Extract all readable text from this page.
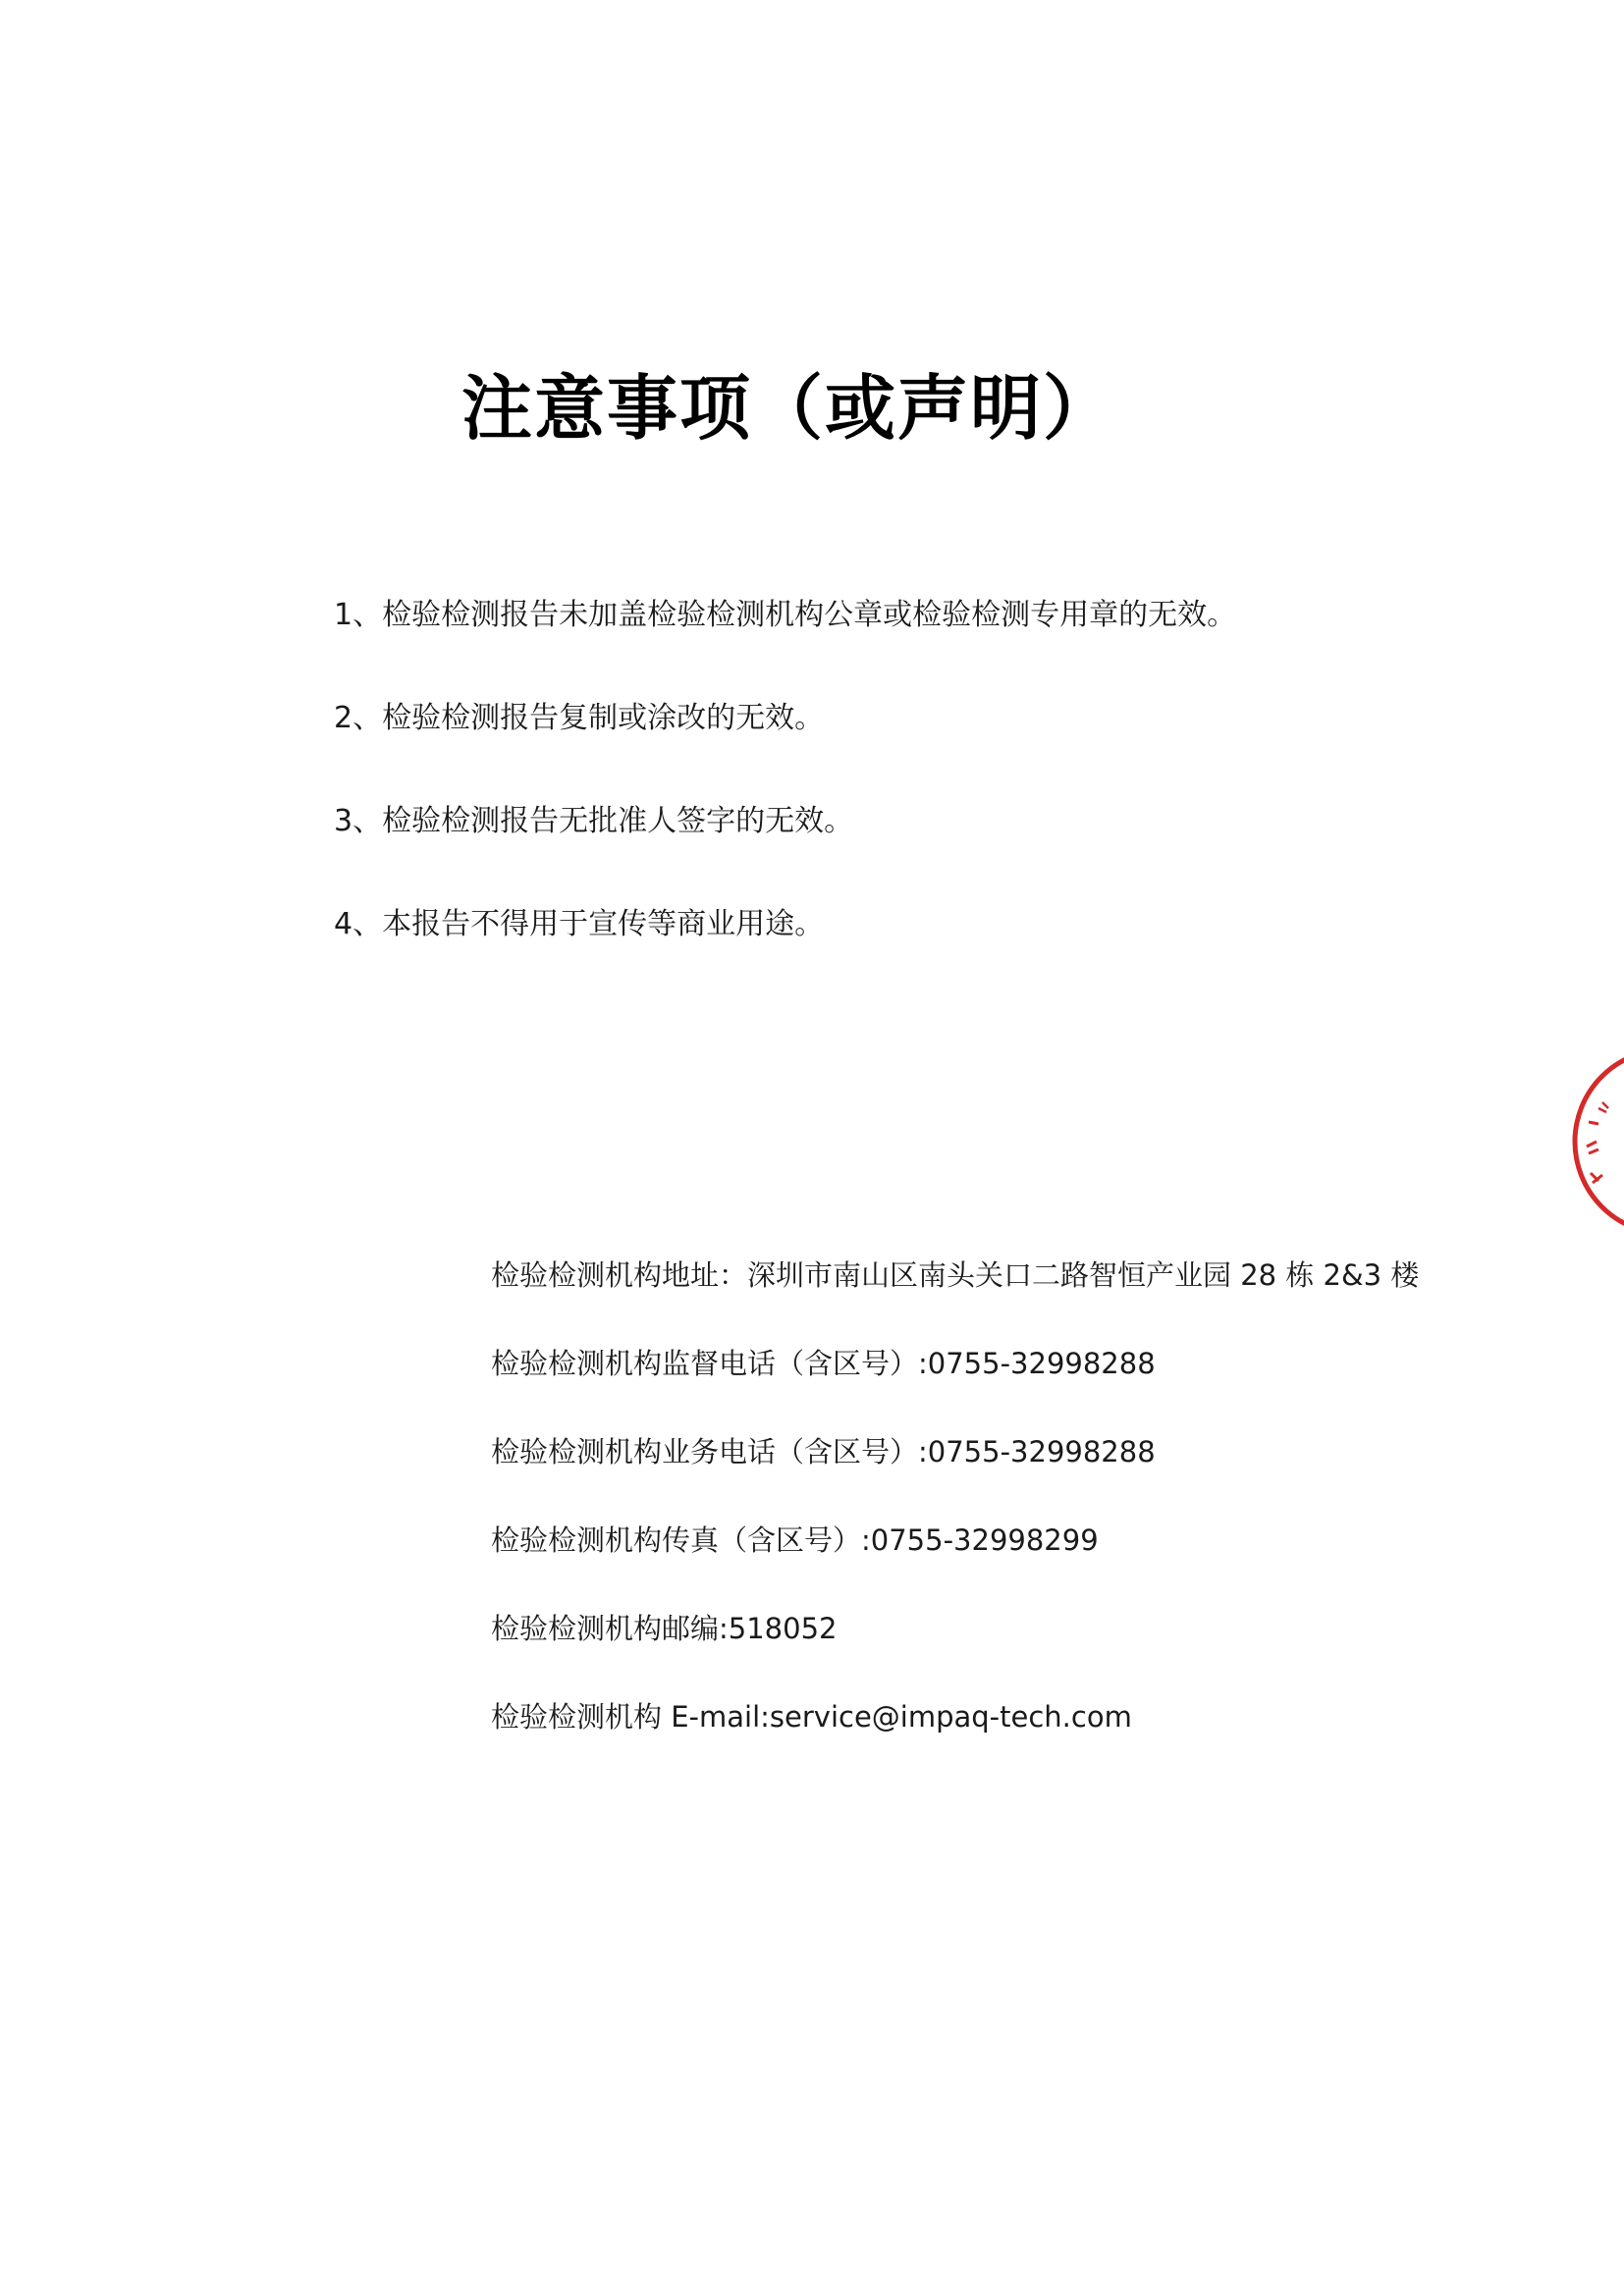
注意事项（或声明）
1、检验检测报告未加盖检验检测机构公章或检验检测专用章的无效。
2、检验检测报告复制或涂改的无效。
3、检验检测报告无批准人签字的无效。
4、本报告不得用于宣传等商业用途。
检验检测机构地址：深圳市南山区南头关口二路智恒产业园 28 栋 2&3 楼
检验检测机构监督电话（含区号）:0755-32998288
检验检测机构业务电话（含区号）:0755-32998288
检验检测机构传真（含区号）:0755-32998299
检验检测机构邮编:518052
检验检测机构 E-mail:service@impaq-tech.com
